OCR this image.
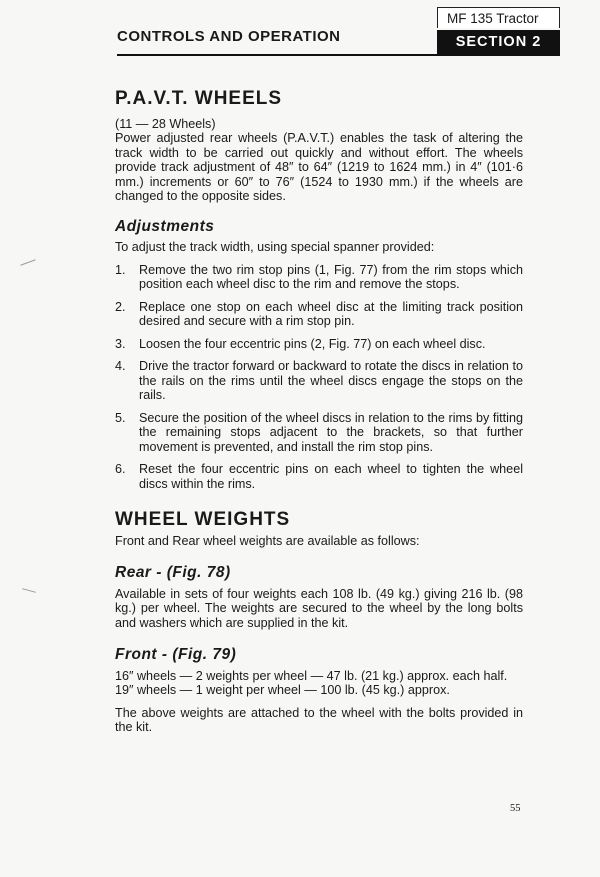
CONTROLS AND OPERATION
MF 135 Tractor
SECTION 2
P.A.V.T. WHEELS

(11 — 28 Wheels)

Power adjusted rear wheels (P.A.V.T.) enables the task of altering the track width to be carried out quickly and without effort. The wheels provide track adjustment of 48″ to 64″ (1219 to 1624 mm.) in 4″ (101·6 mm.) increments or 60″ to 76″ (1524 to 1930 mm.) if the wheels are changed to the opposite sides.

Adjustments

To adjust the track width, using special spanner provided:

1.	Remove the two rim stop pins (1, Fig. 77) from the rim stops which position each wheel disc to the rim and remove the stops.
2.	Replace one stop on each wheel disc at the limiting track position desired and secure with a rim stop pin.
3.	Loosen the four eccentric pins (2, Fig. 77) on each wheel disc.
4.	Drive the tractor forward or backward to rotate the discs in relation to the rails on the rims until the wheel discs engage the stops on the rails.
5.	Secure the position of the wheel discs in relation to the rims by fitting the remaining stops adjacent to the brackets, so that further movement is prevented, and install the rim stop pins.
6.	Reset the four eccentric pins on each wheel to tighten the wheel discs within the rims.
WHEEL WEIGHTS

Front and Rear wheel weights are available as follows:

Rear - (Fig. 78)

Available in sets of four weights each 108 lb. (49 kg.) giving 216 lb. (98 kg.) per wheel. The weights are secured to the wheel by the long bolts and washers which are supplied in the kit.

Front - (Fig. 79)

16″ wheels — 2 weights per wheel — 47 lb. (21 kg.) approx. each half.

19″ wheels — 1 weight per wheel — 100 lb. (45 kg.) approx.

The above weights are attached to the wheel with the bolts provided in the kit.

55
